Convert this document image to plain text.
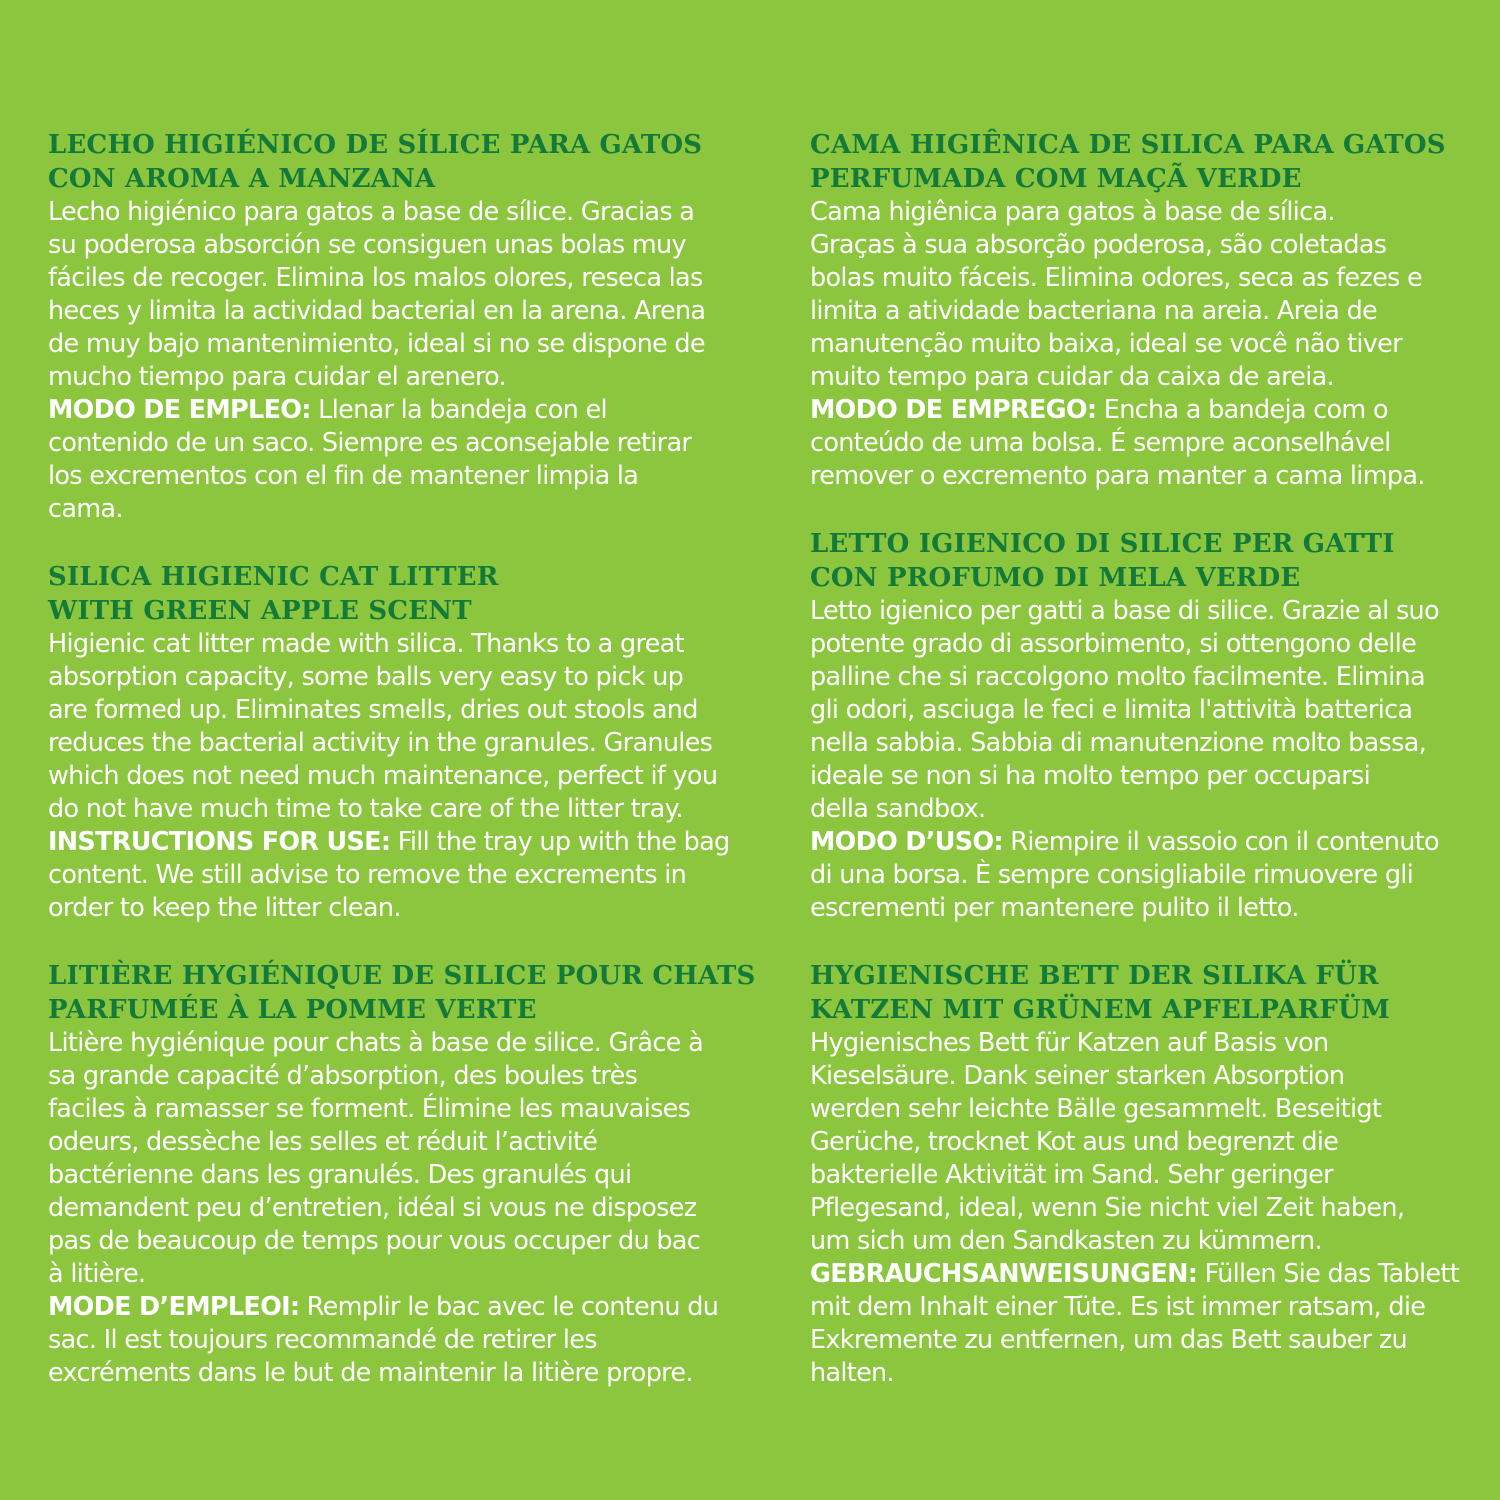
LECHO HIGIÉNICO DE SÍLICE PARA GATOS
CON AROMA A MANZANA

Lecho higiénico para gatos a base de sílice. Gracias a
su poderosa absorción se consiguen unas bolas muy
fáciles de recoger. Elimina los malos olores, reseca las
heces y limita la actividad bacterial en la arena. Arena
de muy bajo mantenimiento, ideal si no se dispone de
mucho tiempo para cuidar el arenero.
MODO DE EMPLEO: Llenar la bandeja con el
contenido de un saco. Siempre es aconsejable retirar
los excrementos con el fin de mantener limpia la
cama.

SILICA HIGIENIC CAT LITTER
WITH GREEN APPLE SCENT

Higienic cat litter made with silica. Thanks to a great
absorption capacity, some balls very easy to pick up
are formed up. Eliminates smells, dries out stools and
reduces the bacterial activity in the granules. Granules
which does not need much maintenance, perfect if you
do not have much time to take care of the litter tray.
INSTRUCTIONS FOR USE: Fill the tray up with the bag
content. We still advise to remove the excrements in
order to keep the litter clean.

LITIÈRE HYGIÉNIQUE DE SILICE POUR CHATS
PARFUMÉE À LA POMME VERTE

Litière hygiénique pour chats à base de silice. Grâce à
sa grande capacité d’absorption, des boules très
faciles à ramasser se forment. Élimine les mauvaises
odeurs, dessèche les selles et réduit l’activité
bactérienne dans les granulés. Des granulés qui
demandent peu d’entretien, idéal si vous ne disposez
pas de beaucoup de temps pour vous occuper du bac
à litière.
MODE D’EMPLEOI: Remplir le bac avec le contenu du
sac. Il est toujours recommandé de retirer les
excréments dans le but de maintenir la litière propre.

CAMA HIGIÊNICA DE SILICA PARA GATOS
PERFUMADA COM MAÇÃ VERDE

Cama higiênica para gatos à base de sílica.
Graças à sua absorção poderosa, são coletadas
bolas muito fáceis. Elimina odores, seca as fezes e
limita a atividade bacteriana na areia. Areia de
manutenção muito baixa, ideal se você não tiver
muito tempo para cuidar da caixa de areia.
MODO DE EMPREGO: Encha a bandeja com o
conteúdo de uma bolsa. É sempre aconselhável
remover o excremento para manter a cama limpa.

LETTO IGIENICO DI SILICE PER GATTI
CON PROFUMO DI MELA VERDE

Letto igienico per gatti a base di silice. Grazie al suo
potente grado di assorbimento, si ottengono delle
palline che si raccolgono molto facilmente. Elimina
gli odori, asciuga le feci e limita l'attività batterica
nella sabbia. Sabbia di manutenzione molto bassa,
ideale se non si ha molto tempo per occuparsi
della sandbox.
MODO D’USO: Riempire il vassoio con il contenuto
di una borsa. È sempre consigliabile rimuovere gli
escrementi per mantenere pulito il letto.

HYGIENISCHE BETT DER SILIKA FÜR
KATZEN MIT GRÜNEM APFELPARFÜM

Hygienisches Bett für Katzen auf Basis von
Kieselsäure. Dank seiner starken Absorption
werden sehr leichte Bälle gesammelt. Beseitigt
Gerüche, trocknet Kot aus und begrenzt die
bakterielle Aktivität im Sand. Sehr geringer
Pflegesand, ideal, wenn Sie nicht viel Zeit haben,
um sich um den Sandkasten zu kümmern.
GEBRAUCHSANWEISUNGEN: Füllen Sie das Tablett
mit dem Inhalt einer Tüte. Es ist immer ratsam, die
Exkremente zu entfernen, um das Bett sauber zu
halten.
